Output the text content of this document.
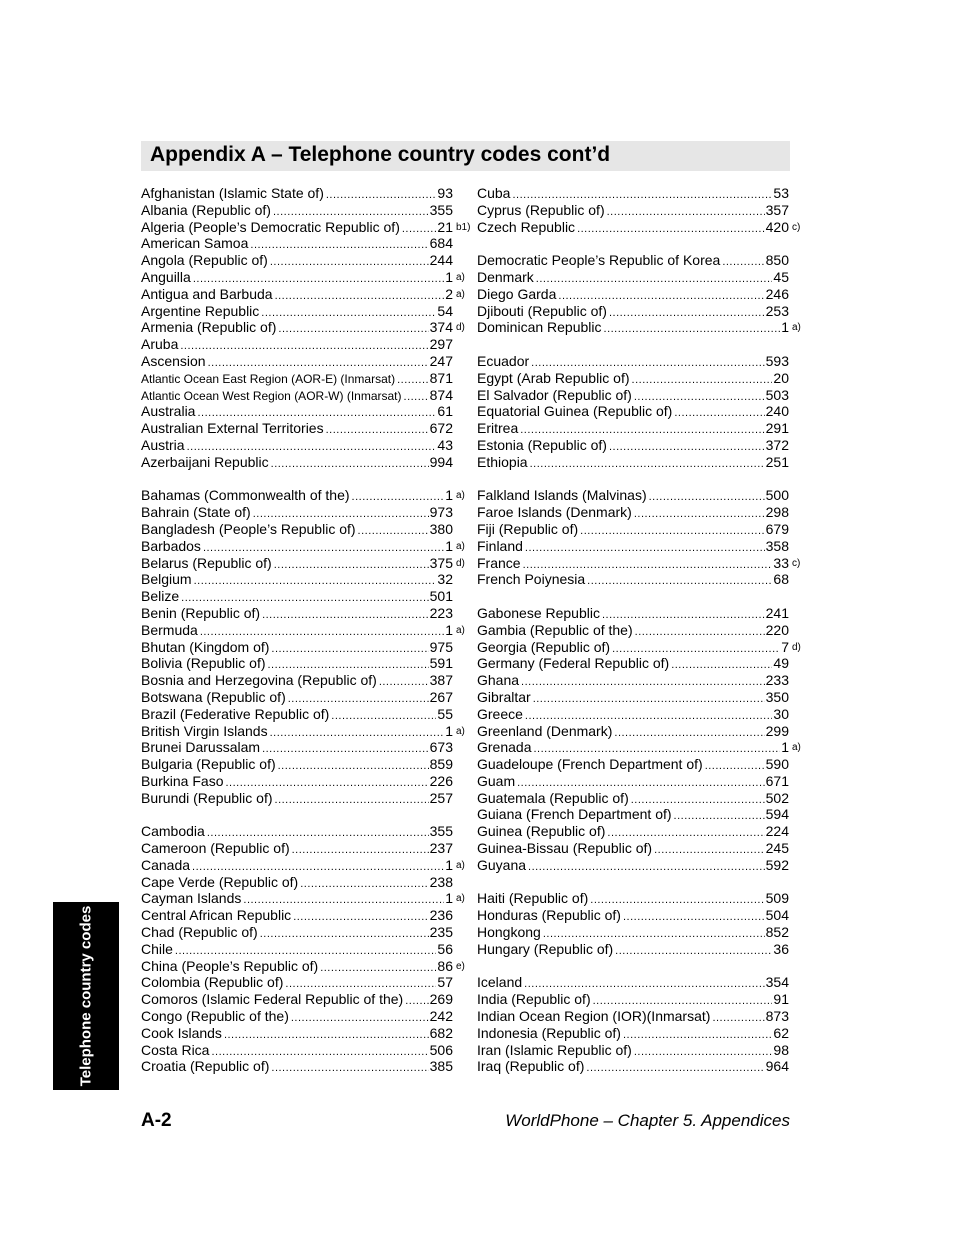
Appendix A – Telephone country codes cont’d
Afghanistan (Islamic State of) .....	93
Albania (Republic of) .....	355
Algeria (People’s Democratic Republic of) .....	21 b1)
American Samoa .....	684
Angola (Republic of) .....	244
Anguilla .....	1 a)
Antigua and Barbuda .....	2 a)
Argentine Republic .....	54
Armenia (Republic of) .....	374 d)
Aruba .....	297
Ascension .....	247
Atlantic Ocean East Region (AOR-E) (Inmarsat) ..... 871
Atlantic Ocean West Region (AOR-W) (Inmarsat) ..... 874
Australia .....	61
Australian External Territories .....	672
Austria .....	43
Azerbaijani Republic .....	994
Bahamas (Commonwealth of the) .....	1 a)
Bahrain (State of) .....	973
Bangladesh (People’s Republic of) .....	380
Barbados .....	1 a)
Belarus (Republic of) .....	375 d)
Belgium .....	32
Belize .....	501
Benin (Republic of) .....	223
Bermuda .....	1 a)
Bhutan (Kingdom of) .....	975
Bolivia (Republic of) .....	591
Bosnia and Herzegovina (Republic of) .....	387
Botswana (Republic of) .....	267
Brazil (Federative Republic of) .....	55
British Virgin Islands .....	1 a)
Brunei Darussalam .....	673
Bulgaria (Republic of) .....	859
Burkina Faso .....	226
Burundi (Republic of) .....	257
Cambodia .....	355
Cameroon (Republic of) .....	237
Canada .....	1 a)
Cape Verde (Republic of) .....	238
Cayman Islands .....	1 a)
Central African Republic .....	236
Chad (Republic of) .....	235
Chile .....	56
China (People’s Republic of) .....	86 e)
Colombia (Republic of) .....	57
Comoros (Islamic Federal Republic of the) ..... 269
Congo (Republic of the) .....	242
Cook Islands .....	682
Costa Rica .....	506
Croatia (Republic of) .....	385
Cuba .....	53
Cyprus (Republic of) .....	357
Czech Republic .....	420 c)
Democratic People’s Republic of Korea .....	850
Denmark .....	45
Diego Garda .....	246
Djibouti (Republic of) .....	253
Dominican Republic .....	1 a)
Ecuador .....	593
Egypt (Arab Republic of) .....	20
El Salvador (Republic of) .....	503
Equatorial Guinea (Republic of) .....	240
Eritrea .....	291
Estonia (Republic of) .....	372
Ethiopia .....	251
Falkland Islands (Malvinas) .....	500
Faroe Islands (Denmark) .....	298
Fiji (Republic of) .....	679
Finland .....	358
France .....	33 c)
French Poiynesia .....	68
Gabonese Republic .....	241
Gambia (Republic of the) .....	220
Georgia (Republic of) .....	7 d)
Germany (Federal Republic of) .....	49
Ghana .....	233
Gibraltar .....	350
Greece .....	30
Greenland (Denmark) .....	299
Grenada .....	1 a)
Guadeloupe (French Department of) .....	590
Guam .....	671
Guatemala (Republic of) .....	502
Guiana (French Department of) .....	594
Guinea (Republic of) .....	224
Guinea-Bissau (Republic of) .....	245
Guyana .....	592
Haiti (Republic of) .....	509
Honduras (Republic of) .....	504
Hongkong .....	852
Hungary (Republic of) .....	36
Iceland .....	354
India (Republic of) .....	91
Indian Ocean Region (IOR)(Inmarsat) .....	873
Indonesia (Republic of) .....	62
Iran (Islamic Republic of) .....	98
Iraq (Republic of) .....	964
Telephone country codes
A-2	WorldPhone – Chapter 5. Appendices
